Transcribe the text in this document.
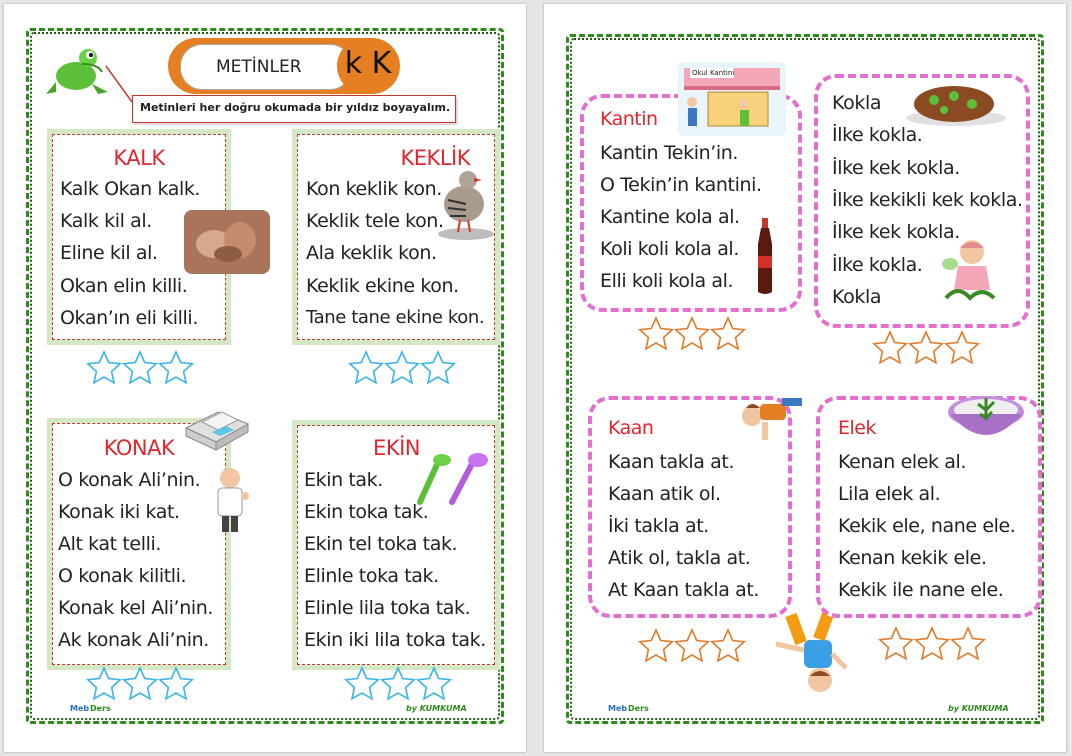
METİNLER k K
Metinleri her doğru okumada bir yıldız boyayalım.
KALK
Kalk Okan kalk.
Kalk kil al.
Eline kil al.
Okan elin killi.
Okan’ın eli killi.
KEKLİK
Kon keklik kon.
Keklik tele kon.
Ala keklik kon.
Keklik ekine kon.
Tane tane ekine kon.
KONAK
O konak Ali’nin.
Konak iki kat.
Alt kat telli.
O konak kilitli.
Konak kel Ali’nin.
Ak konak Ali’nin.
EKİN
Ekin tak.
Ekin toka tak.
Ekin tel toka tak.
Elinle toka tak.
Elinle lila toka tak.
Ekin iki lila toka tak.
Meb Ders	by KUMKUMA
Kantin
Kantin Tekin’in.
O Tekin’in kantini.
Kantine kola al.
Koli koli kola al.
Elli koli kola al.
Okul Kantini
Kokla
İlke kokla.
İlke kek kokla.
İlke kekikli kek kokla.
İlke kek kokla.
İlke kokla.
Kokla
Kaan
Kaan takla at.
Kaan atik ol.
İki takla at.
Atik ol, takla at.
At Kaan takla at.
Elek
Kenan elek al.
Lila elek al.
Kekik ele, nane ele.
Kenan kekik ele.
Kekik ile nane ele.
Meb Ders	by KUMKUMA
